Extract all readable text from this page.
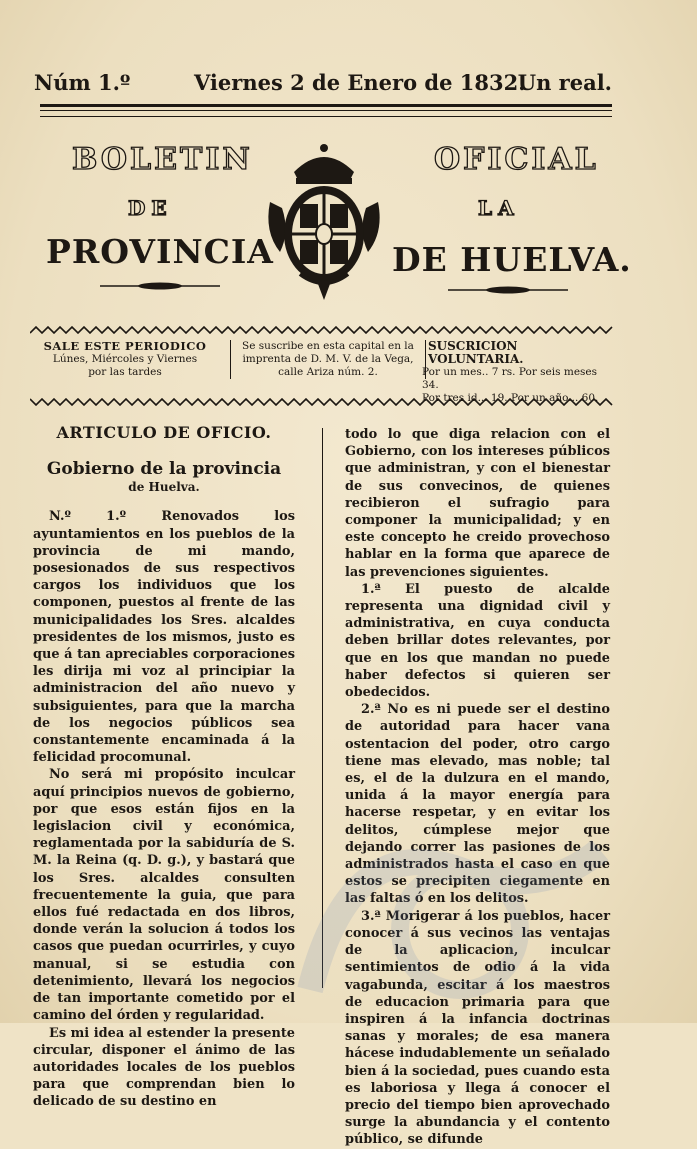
Núm 1.º	Viernes 2 de Enero de 1832.
Un real.
BOLETIN	OFICIAL
DE	LA
PROVINCIA	DE HUELVA.
SALE ESTE PERIODICO
Lúnes, Miércoles y Viernes
por las tardes
Se suscribe en esta capital en la
imprenta de D. M. V. de la Vega,
calle Ariza núm. 2.
SUSCRICION VOLUNTARIA.
Por un mes.. 7 rs. Por seis meses 34.
Por tres id... 19. Por un año... 60.
ARTICULO DE OFICIO.
Gobierno de la provincia
de Huelva.

N.º 1.º Renovados los ayuntamientos en los pueblos de la provincia de mi mando, posesionados de sus respectivos cargos los individuos que los componen, puestos al frente de las municipalidades los Sres. alcaldes presidentes de los mismos, justo es que á tan apreciables corporaciones les dirija mi voz al principiar la administracion del año nuevo y subsiguientes, para que la marcha de los negocios públicos sea constantemente encaminada á la felicidad procomunal.

No será mi propósito inculcar aquí principios nuevos de gobierno, por que esos están fijos en la legislacion civil y económica, reglamentada por la sabiduría de S. M. la Reina (q. D. g.), y bastará que los Sres. alcaldes consulten frecuentemente la guia, que para ellos fué redactada en dos libros, donde verán la solucion á todos los casos que puedan ocurrirles, y cuyo manual, si se estudia con detenimiento, llevará los negocios de tan importante cometido por el camino del órden y regularidad.

Es mi idea al estender la presente circular, disponer el ánimo de las autoridades locales de los pueblos para que comprendan bien lo delicado de su destino en

todo lo que diga relacion con el Gobierno, con los intereses públicos que administran, y con el bienestar de sus convecinos, de quienes recibieron el sufragio para componer la municipalidad; y en este concepto he creido provechoso hablar en la forma que aparece de las prevenciones siguientes.

1.ª El puesto de alcalde representa una dignidad civil y administrativa, en cuya conducta deben brillar dotes relevantes, por que en los que mandan no puede haber defectos si quieren ser obedecidos.

2.ª No es ni puede ser el destino de autoridad para hacer vana ostentacion del poder, otro cargo tiene mas elevado, mas noble; tal es, el de la dulzura en el mando, unida á la mayor energía para hacerse respetar, y en evitar los delitos, cúmplese mejor que dejando correr las pasiones de los administrados hasta el caso en que estos se precipiten ciegamente en las faltas ó en los delitos.

3.ª Morigerar á los pueblos, hacer conocer á sus vecinos las ventajas de la aplicacion, inculcar sentimientos de odio á la vida vagabunda, escitar á los maestros de educacion primaria para que inspiren á la infancia doctrinas sanas y morales; de esa manera hácese indudablemente un señalado bien á la sociedad, pues cuando esta es laboriosa y llega á conocer el precio del tiempo bien aprovechado surge la abundancia y el contento público, se difunde
